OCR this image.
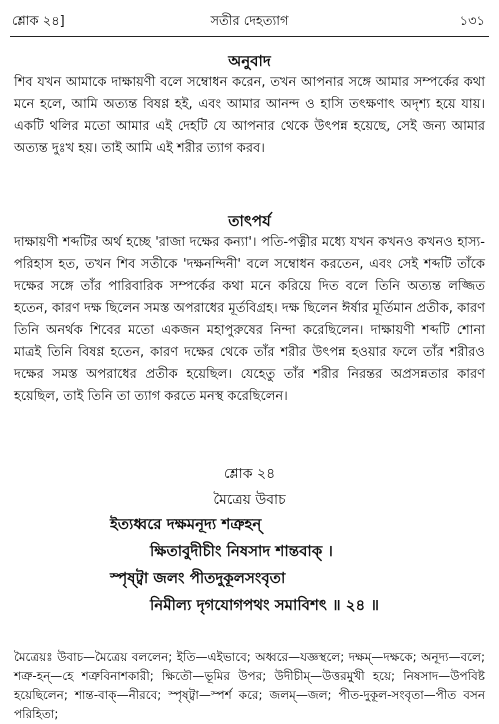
সতীর দেহত্যাগ
শ্লোক ২৪]	১৩১
অনুবাদ
শিব যখন আমাকে দাক্ষায়ণী বলে সম্বোধন করেন, তখন আপনার সঙ্গে আমার সম্পর্কের কথা মনে হলে, আমি অত্যন্ত বিষণ্ণ হই, এবং আমার আনন্দ ও হাসি তৎক্ষণাৎ অদৃশ্য হয়ে যায়। একটি থলির মতো আমার এই দেহটি যে আপনার থেকে উৎপন্ন হয়েছে, সেই জন্য আমার অত্যন্ত দুঃখ হয়। তাই আমি এই শরীর ত্যাগ করব।
তাৎপর্য
দাক্ষায়ণী শব্দটির অর্থ হচ্ছে 'রাজা দক্ষের কন্যা'। পতি-পত্নীর মধ্যে যখন কখনও কখনও হাস্য-পরিহাস হত, তখন শিব সতীকে 'দক্ষনন্দিনী' বলে সম্বোধন করতেন, এবং সেই শব্দটি তাঁকে দক্ষের সঙ্গে তাঁর পারিবারিক সম্পর্কের কথা মনে করিয়ে দিত বলে তিনি অত্যন্ত লজ্জিত হতেন, কারণ দক্ষ ছিলেন সমস্ত অপরাধের মূর্তবিগ্রহ। দক্ষ ছিলেন ঈর্ষার মূর্তিমান প্রতীক, কারণ তিনি অনর্থক শিবের মতো একজন মহাপুরুষের নিন্দা করেছিলেন। দাক্ষায়ণী শব্দটি শোনা মাত্রই তিনি বিষণ্ণ হতেন, কারণ দক্ষের থেকে তাঁর শরীর উৎপন্ন হওয়ার ফলে তাঁর শরীরও দক্ষের সমস্ত অপরাধের প্রতীক হয়েছিল। যেহেতু তাঁর শরীর নিরন্তর অপ্রসন্নতার কারণ হয়েছিল, তাই তিনি তা ত্যাগ করতে মনস্থ করেছিলেন।
শ্লোক ২৪
মৈত্রেয় উবাচ
ইত্যধ্বরে দক্ষমনূদ্য শত্রুহন্
ক্ষিতাবুদীচীং নিষসাদ শান্তবাক্ ।
স্পৃষ্ট্বা জলং পীতদুকূলসংবৃতা
নিমীল্য দৃগযোগপথং সমাবিশৎ ॥ ২৪ ॥
মৈত্রেয়ঃ উবাচ—মৈত্রেয় বললেন; ইতি—এইভাবে; অধ্বরে—যজ্ঞস্থলে; দক্ষম্—দক্ষকে; অনূদ্য—বলে; শত্রু-হন্—হে শত্রুবিনাশকারী; ক্ষিতৌ—ভূমির উপর; উদীচীম্—উত্তরমুখী হয়ে; নিষসাদ—উপবিষ্ট হয়েছিলেন; শান্ত-বাক্—নীরবে; স্পৃষ্ট্বা—স্পর্শ করে; জলম্—জল; পীত-দুকূল-সংবৃতা—পীত বসন পরিহিতা;
